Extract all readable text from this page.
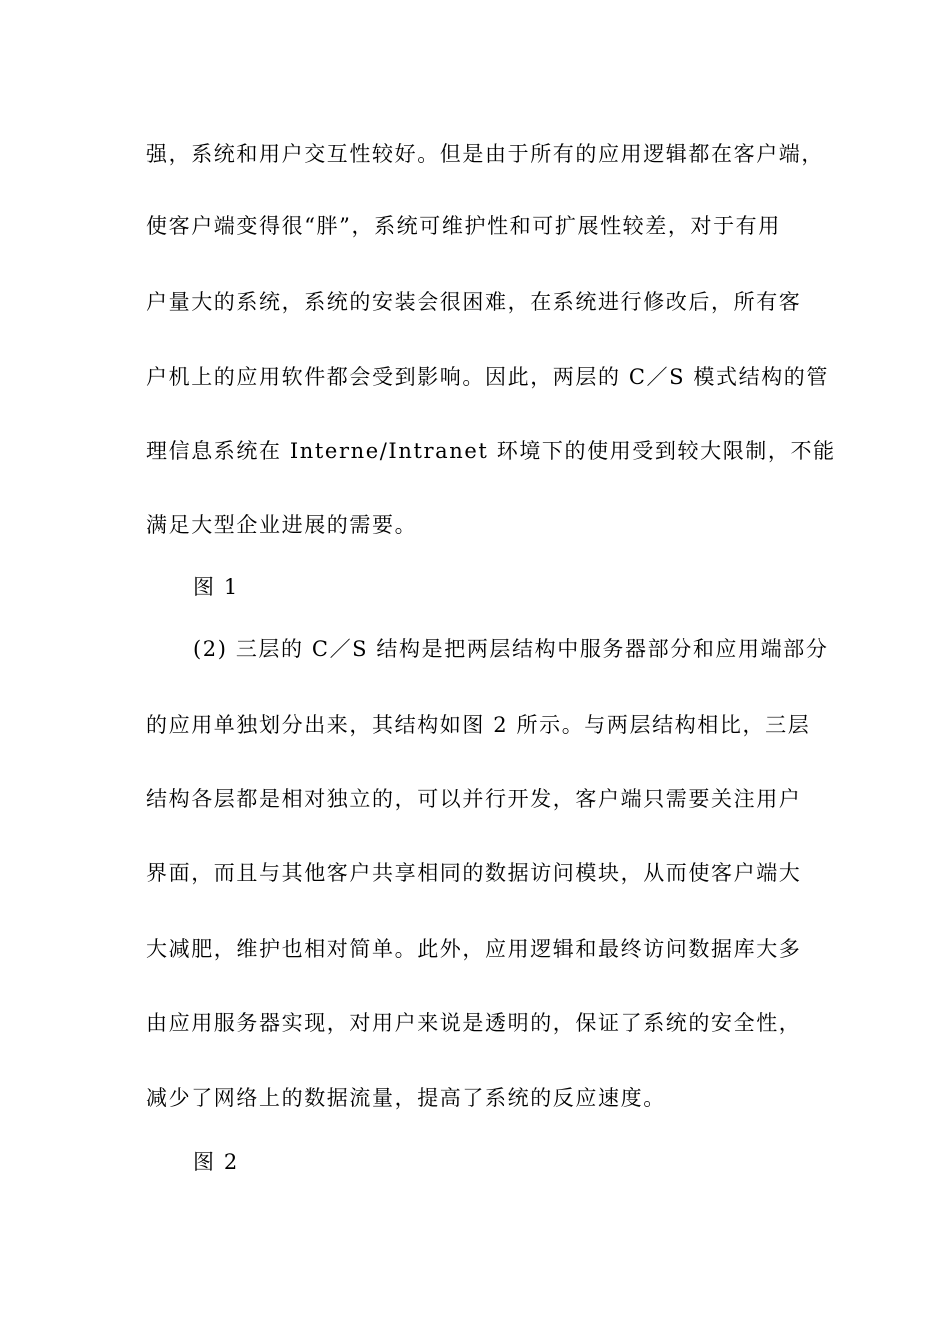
强，系统和用户交互性较好。但是由于所有的应用逻辑都在客户端，
使客户端变得很“胖”，系统可维护性和可扩展性较差，对于有用
户量大的系统，系统的安装会很困难，在系统进行修改后，所有客
户机上的应用软件都会受到影响。因此，两层的 C／S 模式结构的管
理信息系统在 Interne/Intranet 环境下的使用受到较大限制，不能
满足大型企业进展的需要。
图 1
(2) 三层的 C／S 结构是把两层结构中服务器部分和应用端部分
的应用单独划分出来，其结构如图 2 所示。与两层结构相比，三层
结构各层都是相对独立的，可以并行开发，客户端只需要关注用户
界面，而且与其他客户共享相同的数据访问模块，从而使客户端大
大减肥，维护也相对简单。此外，应用逻辑和最终访问数据库大多
由应用服务器实现，对用户来说是透明的，保证了系统的安全性，
减少了网络上的数据流量，提高了系统的反应速度。
图 2
